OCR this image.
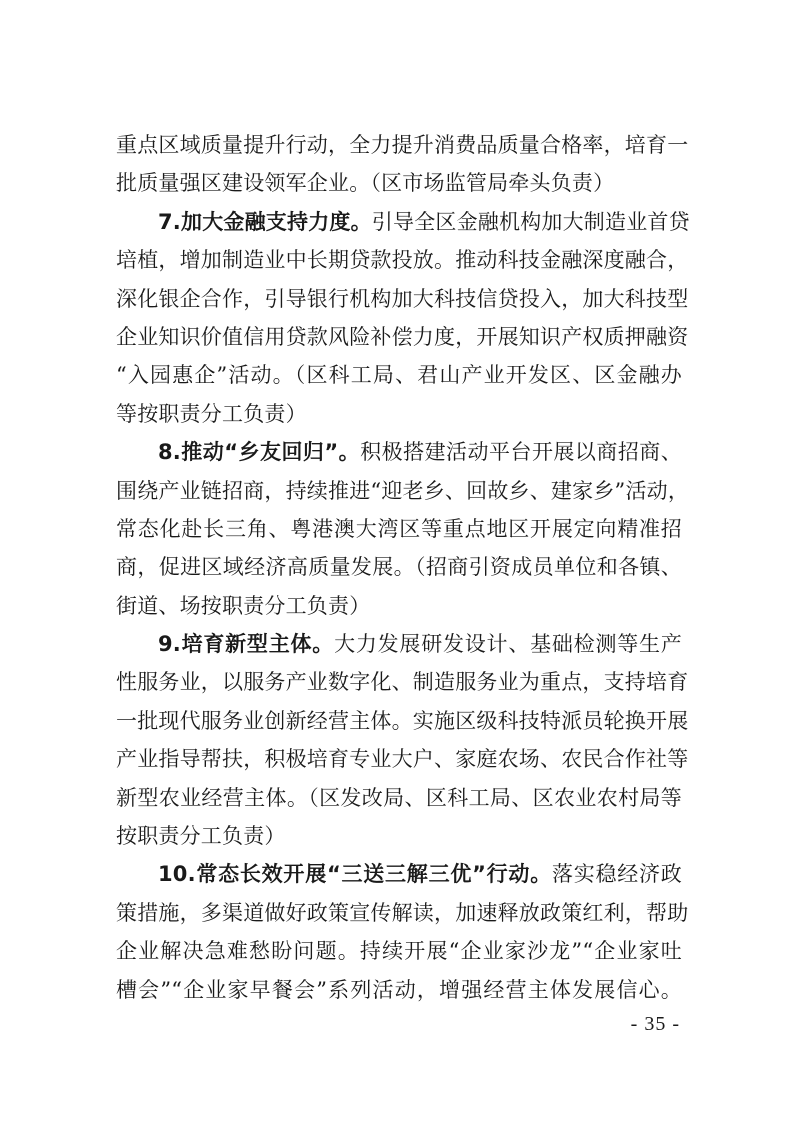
重点区域质量提升行动，全力提升消费品质量合格率，培育一
批质量强区建设领军企业。（区市场监管局牵头负责）
7.加大金融支持力度。引导全区金融机构加大制造业首贷
培植，增加制造业中长期贷款投放。推动科技金融深度融合，
深化银企合作，引导银行机构加大科技信贷投入，加大科技型
企业知识价值信用贷款风险补偿力度，开展知识产权质押融资
“入园惠企”活动。（区科工局、君山产业开发区、区金融办
等按职责分工负责）
8.推动“乡友回归”。积极搭建活动平台开展以商招商、
围绕产业链招商，持续推进“迎老乡、回故乡、建家乡”活动，
常态化赴长三角、粤港澳大湾区等重点地区开展定向精准招
商，促进区域经济高质量发展。（招商引资成员单位和各镇、
街道、场按职责分工负责）
9.培育新型主体。大力发展研发设计、基础检测等生产
性服务业，以服务产业数字化、制造服务业为重点，支持培育
一批现代服务业创新经营主体。实施区级科技特派员轮换开展
产业指导帮扶，积极培育专业大户、家庭农场、农民合作社等
新型农业经营主体。（区发改局、区科工局、区农业农村局等
按职责分工负责）
10.常态长效开展“三送三解三优”行动。落实稳经济政
策措施，多渠道做好政策宣传解读，加速释放政策红利，帮助
企业解决急难愁盼问题。持续开展“企业家沙龙”“企业家吐
槽会”“企业家早餐会”系列活动，增强经营主体发展信心。
- 35 -
